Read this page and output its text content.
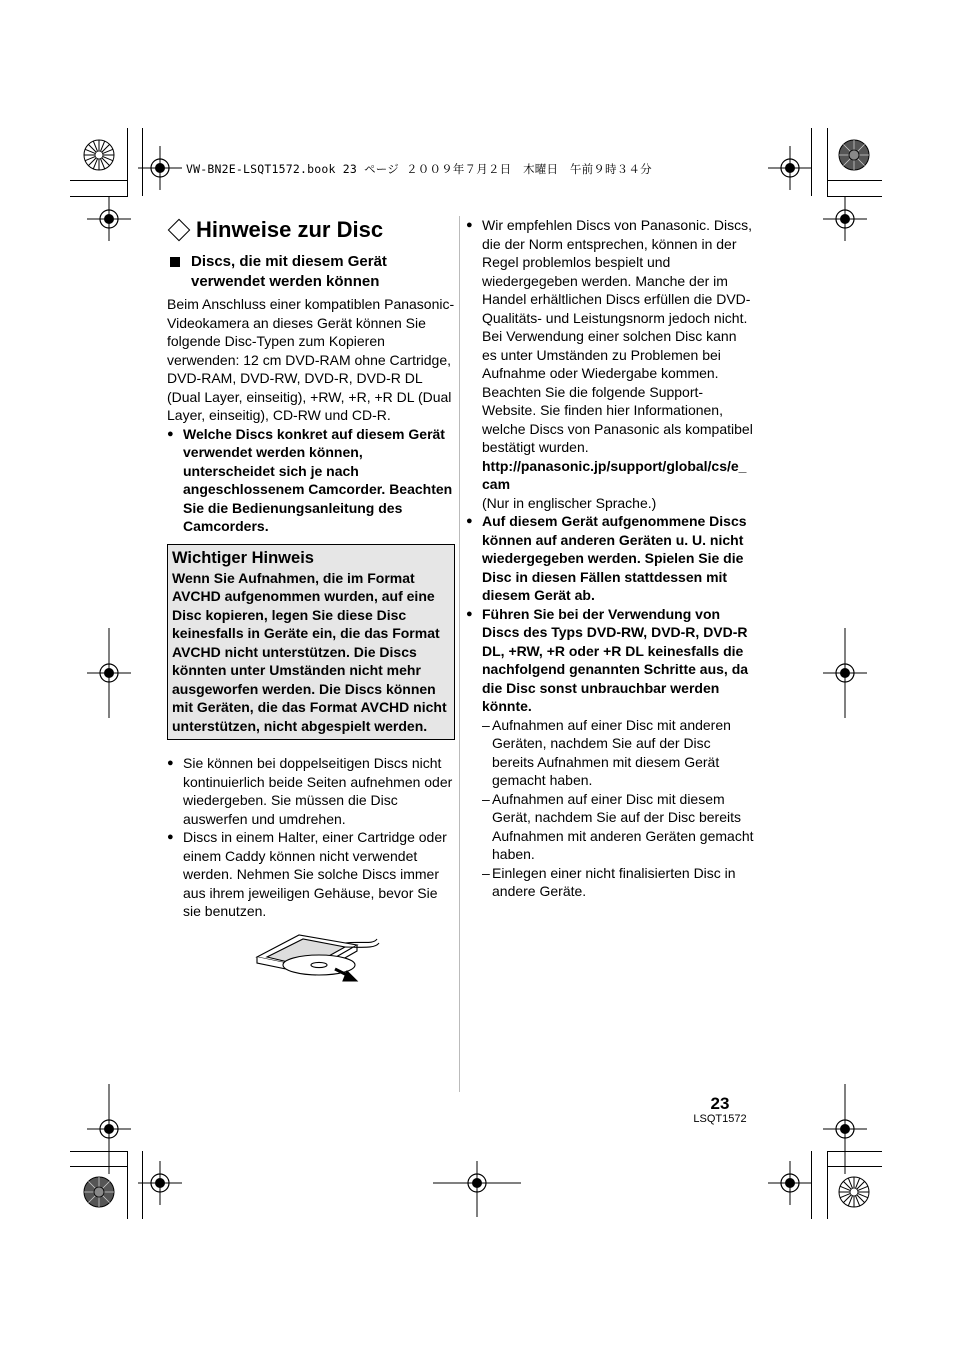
VW-BN2E-LSQT1572.book 23 ページ ２００９年７月２日　木曜日　午前９時３４分
Hinweise zur Disc
Discs, die mit diesem Gerät verwendet werden können

Beim Anschluss einer kompatiblen Panasonic-Videokamera an dieses Gerät können Sie folgende Disc-Typen zum Kopieren verwenden: 12 cm DVD-RAM ohne Cartridge, DVD-RAM, DVD-RW, DVD-R, DVD-R DL (Dual Layer, einseitig), +RW, +R, +R DL (Dual Layer, einseitig), CD-RW und CD-R.

● Welche Discs konkret auf diesem Gerät verwendet werden können, unterscheidet sich je nach angeschlossenem Camcorder. Beachten Sie die Bedienungsanleitung des Camcorders.
Wichtiger Hinweis
Wenn Sie Aufnahmen, die im Format AVCHD aufgenommen wurden, auf eine Disc kopieren, legen Sie diese Disc keinesfalls in Geräte ein, die das Format AVCHD nicht unterstützen. Die Discs könnten unter Umständen nicht mehr ausgeworfen werden. Die Discs können mit Geräten, die das Format AVCHD nicht unterstützen, nicht abgespielt werden.
● Sie können bei doppelseitigen Discs nicht kontinuierlich beide Seiten aufnehmen oder wiedergeben. Sie müssen die Disc auswerfen und umdrehen.
● Discs in einem Halter, einer Cartridge oder einem Caddy können nicht verwendet werden. Nehmen Sie solche Discs immer aus ihrem jeweiligen Gehäuse, bevor Sie sie benutzen.
● Wir empfehlen Discs von Panasonic. Discs, die der Norm entsprechen, können in der Regel problemlos bespielt und wiedergegeben werden. Manche der im Handel erhältlichen Discs erfüllen die DVD-Qualitäts- und Leistungsnorm jedoch nicht. Bei Verwendung einer solchen Disc kann es unter Umständen zu Problemen bei Aufnahme oder Wiedergabe kommen.
Beachten Sie die folgende Support-Website. Sie finden hier Informationen, welche Discs von Panasonic als kompatibel bestätigt wurden.
http://panasonic.jp/support/global/cs/e_cam
(Nur in englischer Sprache.)
● Auf diesem Gerät aufgenommene Discs können auf anderen Geräten u. U. nicht wiedergegeben werden. Spielen Sie die Disc in diesen Fällen stattdessen mit diesem Gerät ab.
● Führen Sie bei der Verwendung von Discs des Typs DVD-RW, DVD-R, DVD-R DL, +RW, +R oder +R DL keinesfalls die nachfolgend genannten Schritte aus, da die Disc sonst unbrauchbar werden könnte.
– Aufnahmen auf einer Disc mit anderen Geräten, nachdem Sie auf der Disc bereits Aufnahmen mit diesem Gerät gemacht haben.
– Aufnahmen auf einer Disc mit diesem Gerät, nachdem Sie auf der Disc bereits Aufnahmen mit anderen Geräten gemacht haben.
– Einlegen einer nicht finalisierten Disc in andere Geräte.
23
LSQT1572
